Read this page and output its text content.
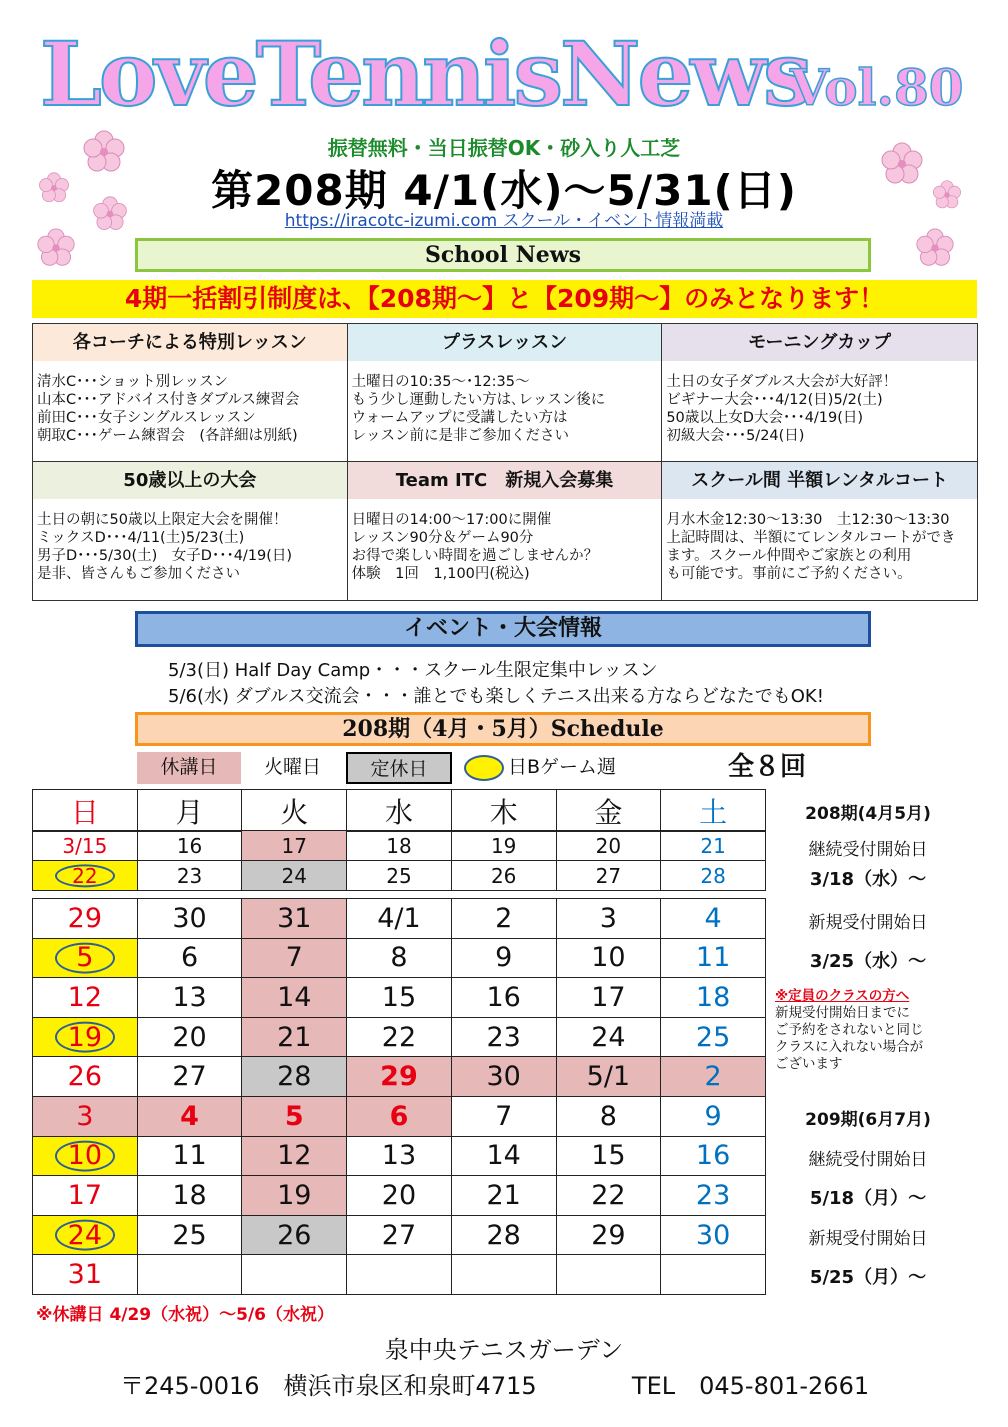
LoveTennisNews
Vol.80
振替無料・当日振替OK・砂入り人工芝
第208期 4/1(水)～5/31(日)
https://iracotc-izumi.com スクール・イベント情報満載
School News
4期一括割引制度は、【208期～】と【209期～】のみとなります！
各コーチによる特別レッスン
清水C･･･ショット別レッスン
山本C･･･アドバイス付きダブルス練習会
前田C･･･女子シングルスレッスン
朝取C･･･ゲーム練習会　(各詳細は別紙)
プラスレッスン
土曜日の10:35～･12:35～
もう少し運動したい方は､レッスン後に
ウォームアップに受講したい方は
レッスン前に是非ご参加ください
モーニングカップ
土日の女子ダブルス大会が大好評！
ビギナー大会･･･4/12(日)5/2(土)
50歳以上女D大会･･･4/19(日)
初級大会･･･5/24(日)
50歳以上の大会
土日の朝に50歳以上限定大会を開催！
ミックスD･･･4/11(土)5/23(土)
男子D･･･5/30(土)　女子D･･･4/19(日)
是非、皆さんもご参加ください
Team ITC　新規入会募集
日曜日の14:00～17:00に開催
レッスン90分＆ゲーム90分
お得で楽しい時間を過ごしませんか？
体験　1回　1,100円(税込)
スクール間 半額レンタルコート
月水木金12:30～13:30　土12:30～13:30
上記時間は、半額にてレンタルコートができ
ます。スクール仲間やご家族との利用
も可能です。事前にご予約ください。
イベント・大会情報
5/3(日) Half Day Camp・・・スクール生限定集中レッスン
5/6(水) ダブルス交流会・・・誰とでも楽しくテニス出来る方ならどなたでもOK!
208期（4月・5月）Schedule
休講日	火曜日	定休日	日Bゲーム週	全８回
日	月	火	水	木	金	土
3/15	16	17	18	19	20	21
22	23	24	25	26	27	28
29	30	31	4/1	2	3	4
5	6	7	8	9	10	11
12	13	14	15	16	17	18
19	20	21	22	23	24	25
26	27	28	29	30	5/1	2
3	4	5	6	7	8	9
10	11	12	13	14	15	16
17	18	19	20	21	22	23
24	25	26	27	28	29	30
31						
208期(4月5月)
継続受付開始日
3/18（水）～
新規受付開始日
3/25（水）～
※定員のクラスの方へ
新規受付開始日までに
ご予約をされないと同じ
クラスに入れない場合が
ございます
209期(6月7月)
継続受付開始日
5/18（月）～
新規受付開始日
5/25（月）～
※休講日 4/29（水祝）～5/6（水祝）
泉中央テニスガーデン
〒245-0016　横浜市泉区和泉町4715	TEL　045-801-2661
